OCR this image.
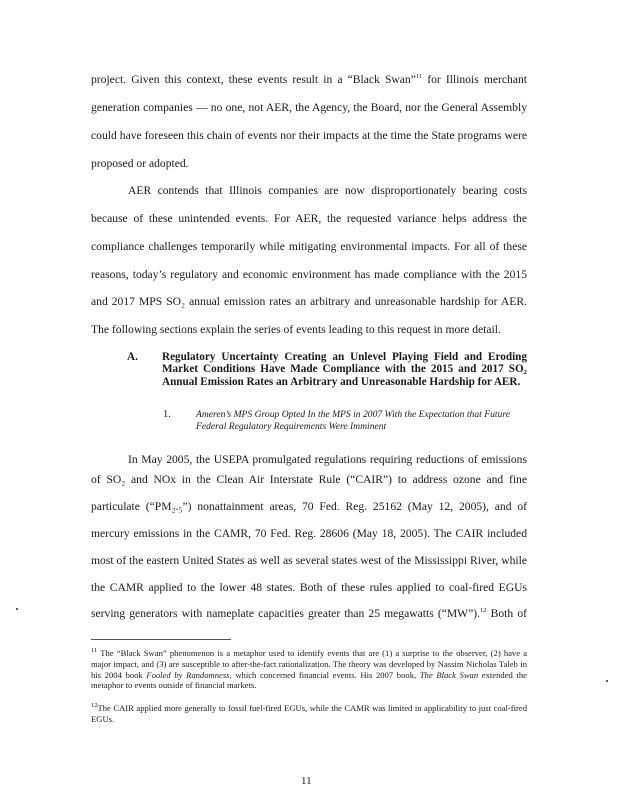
project. Given this context, these events result in a “Black Swan”$^{11}$ for Illinois merchant
generation companies — no one, not AER, the Agency, the Board, nor the General Assembly
could have foreseen this chain of events nor their impacts at the time the State programs were
proposed or adopted.
AER contends that Illinois companies are now disproportionately bearing costs
because of these unintended events. For AER, the requested variance helps address the
compliance challenges temporarily while mitigating environmental impacts. For all of these
reasons, today’s regulatory and economic environment has made compliance with the 2015
and 2017 MPS SO₂ annual emission rates an arbitrary and unreasonable hardship for AER.
The following sections explain the series of events leading to this request in more detail.
A. Regulatory Uncertainty Creating an Unlevel Playing Field and Eroding Market Conditions Have Made Compliance with the 2015 and 2017 SO₂ Annual Emission Rates an Arbitrary and Unreasonable Hardship for AER.
1.	Ameren’s MPS Group Opted In the MPS in 2007 With the Expectation that Future Federal Regulatory Requirements Were Imminent
In May 2005, the USEPA promulgated regulations requiring reductions of emissions
of SO₂ and NOx in the Clean Air Interstate Rule (“CAIR”) to address ozone and fine
particulate (“PM₂.₅”) nonattainment areas, 70 Fed. Reg. 25162 (May 12, 2005), and of
mercury emissions in the CAMR, 70 Fed. Reg. 28606 (May 18, 2005). The CAIR included
most of the eastern United States as well as several states west of the Mississippi River, while
the CAMR applied to the lower 48 states. Both of these rules applied to coal-fired EGUs
serving generators with nameplate capacities greater than 25 megawatts (“MW”).$^{12}$ Both of
$^{11}$ The “Black Swan” phenomenon is a metaphor used to identify events that are (1) a surprise to the observer, (2) have a major impact, and (3) are susceptible to after-the-fact rationalization. The theory was developed by Nassim Nicholas Taleb in his 2004 book Fooled by Randomness, which concerned financial events. His 2007 book, The Black Swan extended the metaphor to events outside of financial markets.
$^{12}$The CAIR applied more generally to fossil fuel-fired EGUs, while the CAMR was limited in applicability to just coal-fired EGUs.
11
